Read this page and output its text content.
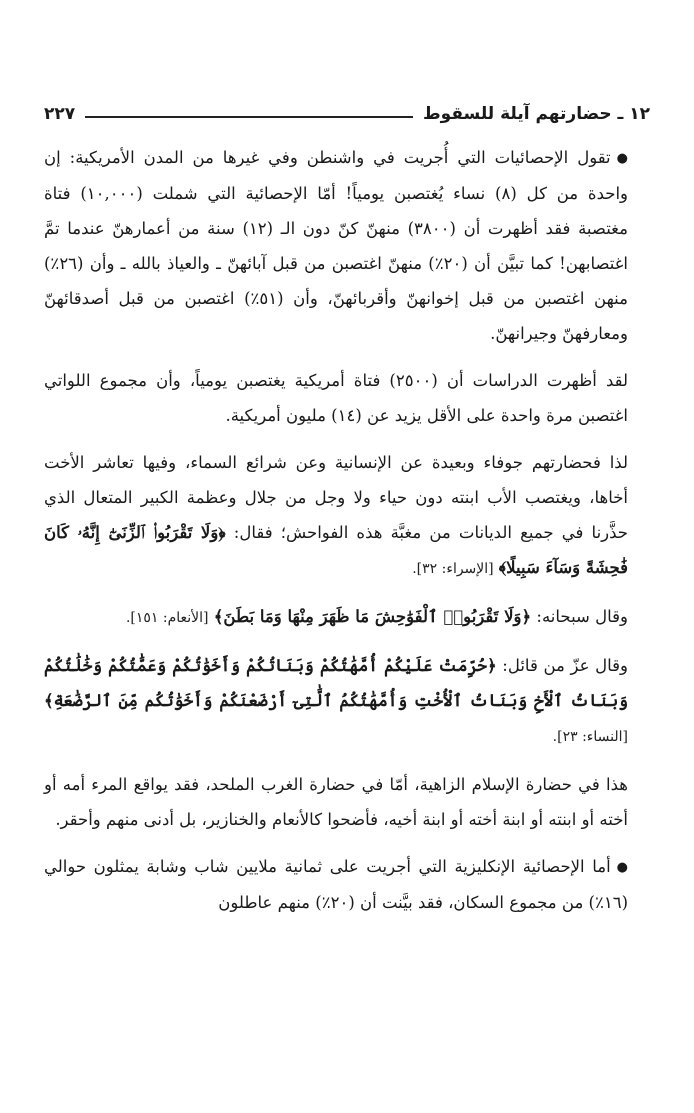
١٢ ـ حضارتهم آيلة للسقوط
٢٢٧

●تقول الإحصائيات التي أُجريت في واشنطن وفي غيرها من المدن الأمريكية: إن واحدة من كل (٨) نساء يُغتصبن يومياً! أمّا الإحصائية التي شملت (١٠,٠٠٠) فتاة مغتصبة فقد أظهرت أن (٣٨٠٠) منهنّ كنّ دون الـ (١٢) سنة من أعمارهنّ عندما تمَّ اغتصابهن! كما تبيَّن أن (٢٠٪) منهنّ اغتصبن من قبل آبائهنّ ـ والعياذ بالله ـ وأن (٢٦٪) منهن اغتصبن من قبل إخوانهنّ وأقربائهنّ، وأن (٥١٪) اغتصبن من قبل أصدقائهنّ ومعارفهنّ وجيرانهنّ.

لقد أظهرت الدراسات أن (٢٥٠٠) فتاة أمريكية يغتصبن يومياً، وأن مجموع اللواتي اغتصبن مرة واحدة على الأقل يزيد عن (١٤) مليون أمريكية.

لذا فحضارتهم جوفاء وبعيدة عن الإنسانية وعن شرائع السماء، وفيها تعاشر الأخت أخاها، ويغتصب الأب ابنته دون حياء ولا وجل من جلال وعظمة الكبير المتعال الذي حذَّرنا في جميع الديانات من مغبَّة هذه الفواحش؛ فقال: ﴿وَلَا تَقْرَبُوا۟ ٱلزِّنَىٰٓ إِنَّهُۥ كَانَ فَٰحِشَةً وَسَآءَ سَبِيلًا﴾ [الإسراء: ٣٢].

وقال سبحانه: ﴿وَلَا تَقْرَبُوا۟ ٱلْفَوَٰحِشَ مَا ظَهَرَ مِنْهَا وَمَا بَطَنَ﴾ [الأنعام: ١٥١].

وقال عزّ من قائل: ﴿حُرِّمَتْ عَلَيْكُمْ أُمَّهَٰتُكُمْ وَبَنَاتُكُمْ وَأَخَوَٰتُكُمْ وَعَمَّٰتُكُمْ وَخَٰلَٰتُكُمْ وَبَنَاتُ ٱلْأَخِ وَبَنَاتُ ٱلْأُخْتِ وَأُمَّهَٰتُكُمُ ٱلَّٰتِىٓ أَرْضَعْنَكُمْ وَأَخَوَٰتُكُم مِّنَ ٱلرَّضَٰعَةِ﴾ [النساء: ٢٣].

هذا في حضارة الإسلام الزاهية، أمّا في حضارة الغرب الملحد، فقد يواقع المرء أمه أو أخته أو ابنته أو ابنة أخته أو ابنة أخيه، فأضحوا كالأنعام والخنازير، بل أدنى منهم وأحقر.

●أما الإحصائية الإنكليزية التي أجريت على ثمانية ملايين شاب وشابة يمثلون حوالي (١٦٪) من مجموع السكان، فقد بيَّنت أن (٢٠٪) منهم عاطلون
